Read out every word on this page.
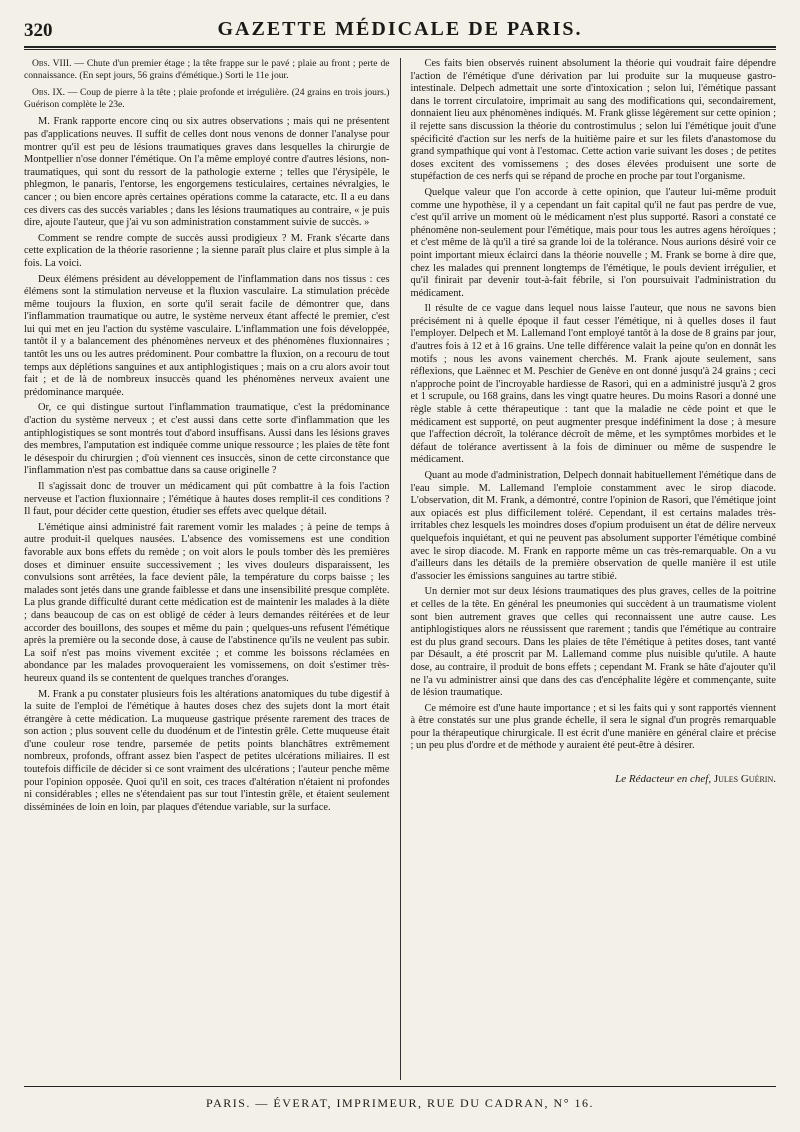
320	GAZETTE MÉDICALE DE PARIS.

Obs. VIII. — Chute d'un premier étage ; la tête frappe sur le pavé ; plaie au front ; perte de connaissance. (En sept jours, 56 grains d'émétique.) Sorti le 11e jour.

Obs. IX. — Coup de pierre à la tête ; plaie profonde et irrégulière. (24 grains en trois jours.) Guérison complète le 23e.

M. Frank rapporte encore cinq ou six autres observations ; mais qui ne présentent pas d'applications neuves. Il suffit de celles dont nous venons de donner l'analyse pour montrer qu'il est peu de lésions traumatiques graves dans lesquelles la chirurgie de Montpellier n'ose donner l'émétique. On l'a même employé contre d'autres lésions, non-traumatiques, qui sont du ressort de la pathologie externe ; telles que l'érysipèle, le phlegmon, le panaris, l'entorse, les engorgemens testiculaires, certaines névralgies, le cancer ; ou bien encore après certaines opérations comme la cataracte, etc. Il a eu dans ces divers cas des succès variables ; dans les lésions traumatiques au contraire, « je puis dire, ajoute l'auteur, que j'ai vu son administration constamment suivie de succès. »

Comment se rendre compte de succès aussi prodigieux ? M. Frank s'écarte dans cette explication de la théorie rasorienne ; la sienne paraît plus claire et plus simple à la fois. La voici.

Deux élémens président au développement de l'inflammation dans nos tissus : ces élémens sont la stimulation nerveuse et la fluxion vasculaire. La stimulation précède même toujours la fluxion, en sorte qu'il serait facile de démontrer que, dans l'inflammation traumatique ou autre, le système nerveux étant affecté le premier, c'est lui qui met en jeu l'action du système vasculaire. L'inflammation une fois développée, tantôt il y a balancement des phénomènes nerveux et des phénomènes fluxionnaires ; tantôt les uns ou les autres prédominent. Pour combattre la fluxion, on a recouru de tout temps aux déplétions sanguines et aux antiphlogistiques ; mais on a cru alors avoir tout fait ; et de là de nombreux insuccès quand les phénomènes nerveux avaient une prédominance marquée.

Or, ce qui distingue surtout l'inflammation traumatique, c'est la prédominance d'action du système nerveux ; et c'est aussi dans cette sorte d'inflammation que les antiphlogistiques se sont montrés tout d'abord insuffisans. Aussi dans les lésions graves des membres, l'amputation est indiquée comme unique ressource ; les plaies de tête font le désespoir du chirurgien ; d'où viennent ces insuccès, sinon de cette circonstance que l'inflammation n'est pas combattue dans sa cause originelle ?

Il s'agissait donc de trouver un médicament qui pût combattre à la fois l'action nerveuse et l'action fluxionnaire ; l'émétique à hautes doses remplit-il ces conditions ? Il faut, pour décider cette question, étudier ses effets avec quelque détail.

L'émétique ainsi administré fait rarement vomir les malades ; à peine de temps à autre produit-il quelques nausées. L'absence des vomissemens est une condition favorable aux bons effets du remède ; on voit alors le pouls tomber dès les premières doses et diminuer ensuite successivement ; les vives douleurs disparaissent, les convulsions sont arrêtées, la face devient pâle, la température du corps baisse ; les malades sont jetés dans une grande faiblesse et dans une insensibilité presque complète. La plus grande difficulté durant cette médication est de maintenir les malades à la diète ; dans beaucoup de cas on est obligé de céder à leurs demandes réitérées et de leur accorder des bouillons, des soupes et même du pain ; quelques-uns refusent l'émétique après la première ou la seconde dose, à cause de l'abstinence qu'ils ne veulent pas subir. La soif n'est pas moins vivement excitée ; et comme les boissons réclamées en abondance par les malades provoqueraient les vomissemens, on doit s'estimer très-heureux quand ils se contentent de quelques tranches d'oranges.

M. Frank a pu constater plusieurs fois les altérations anatomiques du tube digestif à la suite de l'emploi de l'émétique à hautes doses chez des sujets dont la mort était étrangère à cette médication. La muqueuse gastrique présente rarement des traces de son action ; plus souvent celle du duodénum et de l'intestin grêle. Cette muqueuse était d'une couleur rose tendre, parsemée de petits points blanchâtres extrêmement nombreux, profonds, offrant assez bien l'aspect de petites ulcérations miliaires. Il est toutefois difficile de décider si ce sont vraiment des ulcérations ; l'auteur penche même pour l'opinion opposée. Quoi qu'il en soit, ces traces d'altération n'étaient ni profondes ni considérables ; elles ne s'étendaient pas sur tout l'intestin grêle, et étaient seulement disséminées de loin en loin, par plaques d'étendue variable, sur la surface.

Ces faits bien observés ruinent absolument la théorie qui voudrait faire dépendre l'action de l'émétique d'une dérivation par lui produite sur la muqueuse gastro-intestinale. Delpech admettait une sorte d'intoxication ; selon lui, l'émétique passant dans le torrent circulatoire, imprimait au sang des modifications qui, secondairement, donnaient lieu aux phénomènes indiqués. M. Frank glisse légèrement sur cette opinion ; il rejette sans discussion la théorie du controstimulus ; selon lui l'émétique jouit d'une spécificité d'action sur les nerfs de la huitième paire et sur les filets d'anastomose du grand sympathique qui vont à l'estomac. Cette action varie suivant les doses ; de petites doses excitent des vomissemens ; des doses élevées produisent une sorte de stupéfaction de ces nerfs qui se répand de proche en proche par tout l'organisme.

Quelque valeur que l'on accorde à cette opinion, que l'auteur lui-même produit comme une hypothèse, il y a cependant un fait capital qu'il ne faut pas perdre de vue, c'est qu'il arrive un moment où le médicament n'est plus supporté. Rasori a constaté ce phénomène non-seulement pour l'émétique, mais pour tous les autres agens héroïques ; et c'est même de là qu'il a tiré sa grande loi de la tolérance. Nous aurions désiré voir ce point important mieux éclairci dans la théorie nouvelle ; M. Frank se borne à dire que, chez les malades qui prennent longtemps de l'émétique, le pouls devient irrégulier, et qu'il finirait par devenir tout-à-fait fébrile, si l'on poursuivait l'administration du médicament.

Il résulte de ce vague dans lequel nous laisse l'auteur, que nous ne savons bien précisément ni à quelle époque il faut cesser l'émétique, ni à quelles doses il faut l'employer. Delpech et M. Lallemand l'ont employé tantôt à la dose de 8 grains par jour, d'autres fois à 12 et à 16 grains. Une telle différence valait la peine qu'on en donnât les motifs ; nous les avons vainement cherchés. M. Frank ajoute seulement, sans réflexions, que Laënnec et M. Peschier de Genève en ont donné jusqu'à 24 grains ; ceci n'approche point de l'incroyable hardiesse de Rasori, qui en a administré jusqu'à 2 gros et 1 scrupule, ou 168 grains, dans les vingt quatre heures. Du moins Rasori a donné une règle stable à cette thérapeutique : tant que la maladie ne cède point et que le médicament est supporté, on peut augmenter presque indéfiniment la dose ; à mesure que l'affection décroît, la tolérance décroît de même, et les symptômes morbides et le défaut de tolérance avertissent à la fois de diminuer ou même de suspendre le médicament.

Quant au mode d'administration, Delpech donnait habituellement l'émétique dans de l'eau simple. M. Lallemand l'emploie constamment avec le sirop diacode. L'observation, dit M. Frank, a démontré, contre l'opinion de Rasori, que l'émétique joint aux opiacés est plus difficilement toléré. Cependant, il est certains malades très-irritables chez lesquels les moindres doses d'opium produisent un état de délire nerveux quelquefois inquiétant, et qui ne peuvent pas absolument supporter l'émétique combiné avec le sirop diacode. M. Frank en rapporte même un cas très-remarquable. On a vu d'ailleurs dans les détails de la première observation de quelle manière il est utile d'associer les émissions sanguines au tartre stibié.

Un dernier mot sur deux lésions traumatiques des plus graves, celles de la poitrine et celles de la tête. En général les pneumonies qui succèdent à un traumatisme violent sont bien autrement graves que celles qui reconnaissent une autre cause. Les antiphlogistiques alors ne réussissent que rarement ; tandis que l'émétique au contraire est du plus grand secours. Dans les plaies de tête l'émétique à petites doses, tant vanté par Désault, a été proscrit par M. Lallemand comme plus nuisible qu'utile. A haute dose, au contraire, il produit de bons effets ; cependant M. Frank se hâte d'ajouter qu'il ne l'a vu administrer ainsi que dans des cas d'encéphalite légère et commençante, suite de lésion traumatique.

Ce mémoire est d'une haute importance ; et si les faits qui y sont rapportés viennent à être constatés sur une plus grande échelle, il sera le signal d'un progrès remarquable pour la thérapeutique chirurgicale. Il est écrit d'une manière en général claire et précise ; un peu plus d'ordre et de méthode y auraient été peut-être à désirer.

Le Rédacteur en chef, Jules Guérin.
PARIS. — ÉVERAT, IMPRIMEUR, RUE DU CADRAN, N° 16.
